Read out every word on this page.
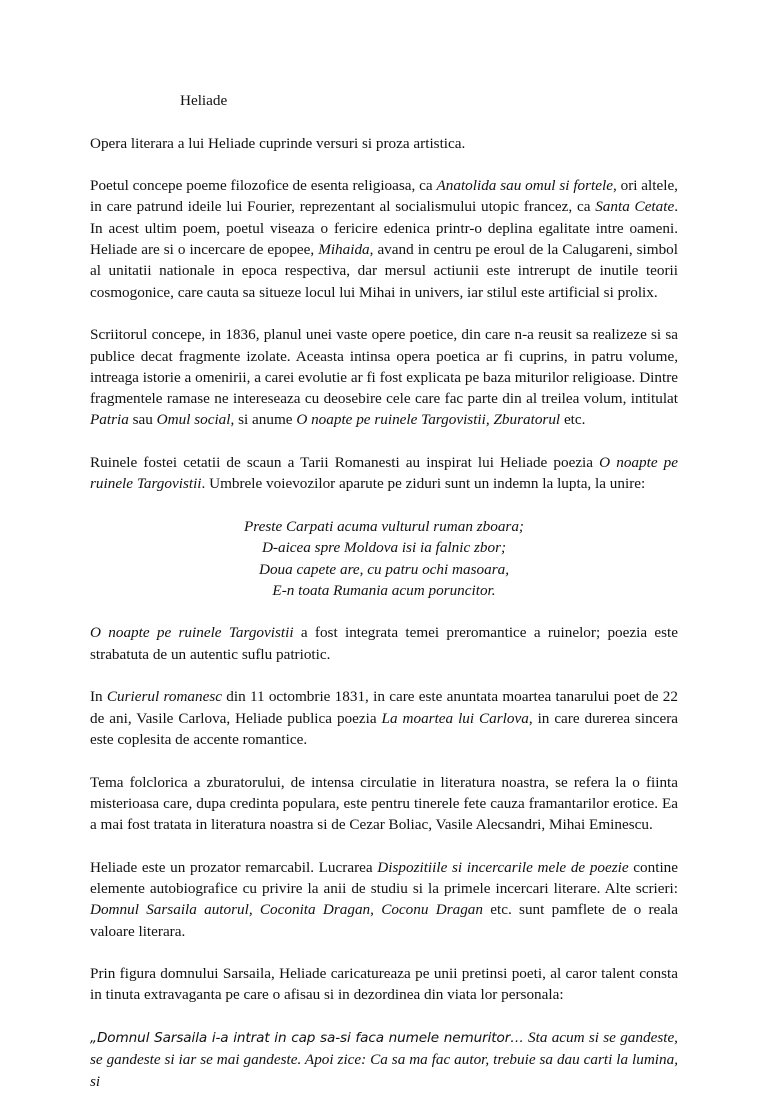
Heliade

Opera literara a lui Heliade cuprinde versuri si proza artistica.

Poetul concepe poeme filozofice de esenta religioasa, ca Anatolida sau omul si fortele, ori altele, in care patrund ideile lui Fourier, reprezentant al socialismului utopic francez, ca Santa Cetate. In acest ultim poem, poetul viseaza o fericire edenica printr-o deplina egalitate intre oameni. Heliade are si o incercare de epopee, Mihaida, avand in centru pe eroul de la Calugareni, simbol al unitatii nationale in epoca respectiva, dar mersul actiunii este intrerupt de inutile teorii cosmogonice, care cauta sa situeze locul lui Mihai in univers, iar stilul este artificial si prolix.

Scriitorul concepe, in 1836, planul unei vaste opere poetice, din care n-a reusit sa realizeze si sa publice decat fragmente izolate. Aceasta intinsa opera poetica ar fi cuprins, in patru volume, intreaga istorie a omenirii, a carei evolutie ar fi fost explicata pe baza miturilor religioase. Dintre fragmentele ramase ne intereseaza cu deosebire cele care fac parte din al treilea volum, intitulat Patria sau Omul social, si anume O noapte pe ruinele Targovistii, Zburatorul etc.

Ruinele fostei cetatii de scaun a Tarii Romanesti au inspirat lui Heliade poezia O noapte pe ruinele Targovistii. Umbrele voievozilor aparute pe ziduri sunt un indemn la lupta, la unire:

Preste Carpati acuma vulturul ruman zboara;
D-aicea spre Moldova isi ia falnic zbor;
Doua capete are, cu patru ochi masoara,
E-n toata Rumania acum poruncitor.

O noapte pe ruinele Targovistii a fost integrata temei preromantice a ruinelor; poezia este strabatuta de un autentic suflu patriotic.

In Curierul romanesc din 11 octombrie 1831, in care este anuntata moartea tanarului poet de 22 de ani, Vasile Carlova, Heliade publica poezia La moartea lui Carlova, in care durerea sincera este coplesita de accente romantice.

Tema folclorica a zburatorului, de intensa circulatie in literatura noastra, se refera la o fiinta misterioasa care, dupa credinta populara, este pentru tinerele fete cauza framantarilor erotice. Ea a mai fost tratata in literatura noastra si de Cezar Boliac, Vasile Alecsandri, Mihai Eminescu.

Heliade este un prozator remarcabil. Lucrarea Dispozitiile si incercarile mele de poezie contine elemente autobiografice cu privire la anii de studiu si la primele incercari literare. Alte scrieri: Domnul Sarsaila autorul, Coconita Dragan, Coconu Dragan etc. sunt pamflete de o reala valoare literara.

Prin figura domnului Sarsaila, Heliade caricatureaza pe unii pretinsi poeti, al caror talent consta in tinuta extravaganta pe care o afisau si in dezordinea din viata lor personala:

„Domnul Sarsaila i-a intrat in cap sa-si faca numele nemuritor… Sta acum si se gandeste, se gandeste si iar se mai gandeste. Apoi zice: Ca sa ma fac autor, trebuie sa dau carti la lumina, si
